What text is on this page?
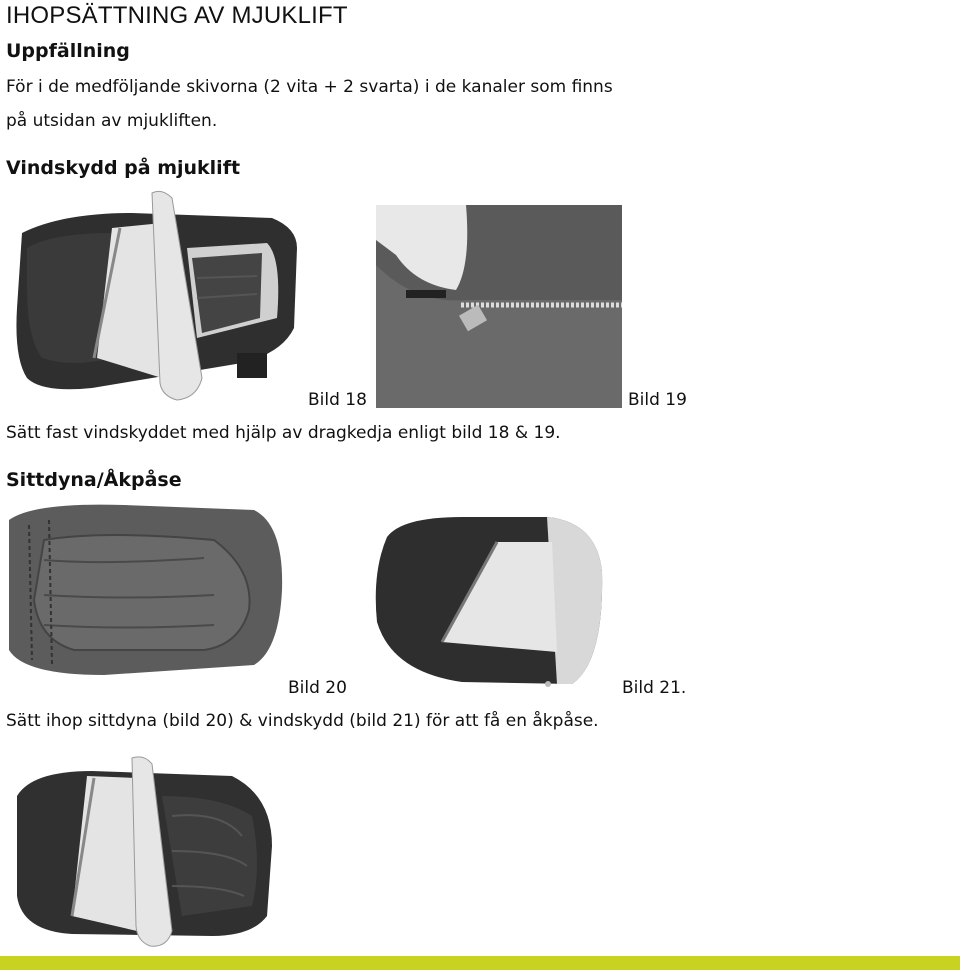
IHOPSÄTTNING AV MJUKLIFT
Uppfällning
För i de medföljande skivorna (2 vita + 2 svarta) i de kanaler som finns
på utsidan av mjukliften.
Vindskydd på mjuklift
Bild 18	Bild 19
Sätt fast vindskyddet med hjälp av dragkedja enligt bild 18 & 19.
Sittdyna/Åkpåse
Bild 20	Bild 21.
Sätt ihop sittdyna (bild 20) & vindskydd (bild 21) för att få en åkpåse.
